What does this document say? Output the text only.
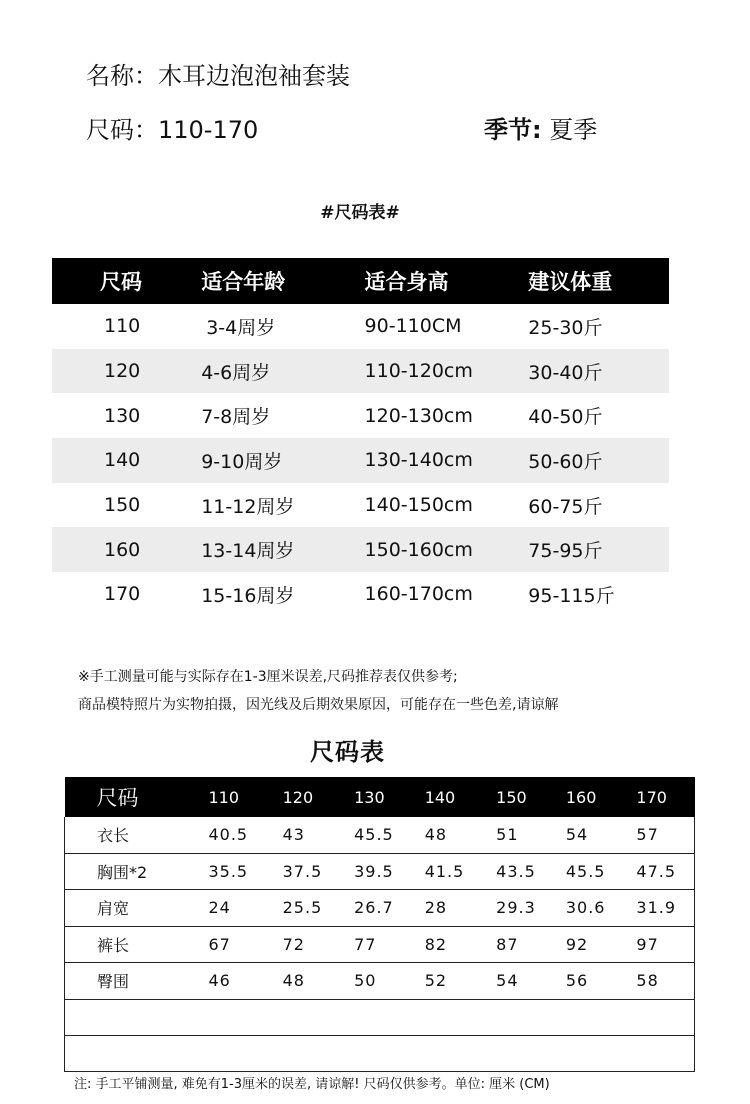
名称：木耳边泡泡袖套装
尺码：110-170	季节: 夏季
#尺码表#
尺码	适合年龄	适合身高	建议体重
110	3-4周岁	90-110CM	25-30斤
120	4-6周岁	110-120cm	30-40斤
130	7-8周岁	120-130cm	40-50斤
140	9-10周岁	130-140cm	50-60斤
150	11-12周岁	140-150cm	60-75斤
160	13-14周岁	150-160cm	75-95斤
170	15-16周岁	160-170cm	95-115斤
※手工测量可能与实际存在1-3厘米误差,尺码推荐表仅供参考;
商品模特照片为实物拍摄，因光线及后期效果原因，可能存在一些色差,请谅解
尺码表
尺码	110	120	130	140	150	160	170
衣长	40.5	43	45.5	48	51	54	57
胸围*2	35.5	37.5	39.5	41.5	43.5	45.5	47.5
肩宽	24	25.5	26.7	28	29.3	30.6	31.9
裤长	67	72	77	82	87	92	97
臀围	46	48	50	52	54	56	58

注: 手工平铺测量, 难免有1-3厘米的误差, 请谅解! 尺码仅供参考。单位: 厘米 (CM)
